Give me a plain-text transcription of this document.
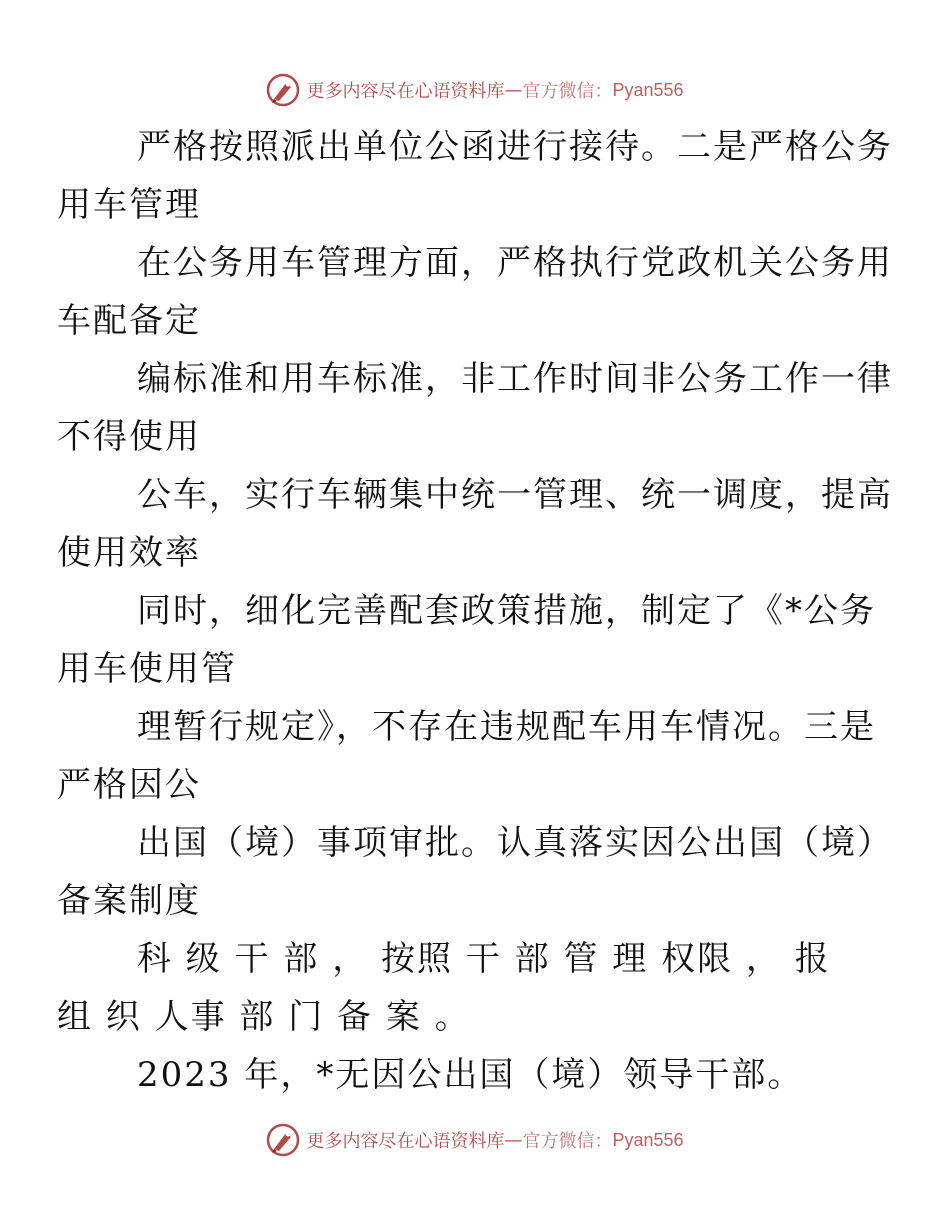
更多内容尽在心语资料库 — 官方微信： Pyan556

严格按照派出单位公函进行接待。二是严格公务
用车管理

在公务用车管理方面，严格执行党政机关公务用
车配备定

编标准和用车标准，非工作时间非公务工作一律
不得使用

公车，实行车辆集中统一管理、统一调度，提高
使用效率

同时，细化完善配套政策措施，制定了《*公务
用车使用管

理暂行规定》，不存在违规配车用车情况。三是
严格因公

出国（境）事项审批。认真落实因公出国（境）
备案制度

科 级 干 部 ， 按照 干 部 管 理 权限 ， 报
组 织 人事 部 门 备 案 。

2023 年，*无因公出国（境）领导干部。

更多内容尽在心语资料库 — 官方微信： Pyan556
